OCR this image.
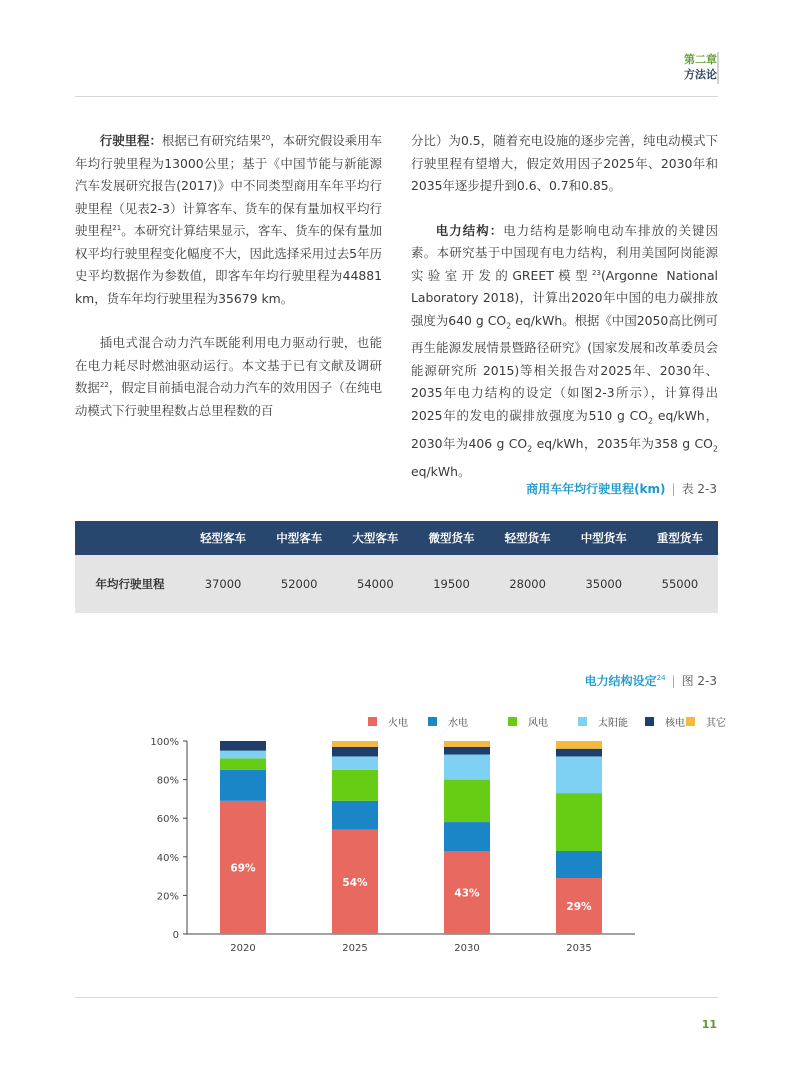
第二章
方法论

行驶里程：根据已有研究结果$^{20}$，本研究假设乘用车年均行驶里程为13000公里；基于《中国节能与新能源汽车发展研究报告(2017)》中不同类型商用车年平均行驶里程（见表2-3）计算客车、货车的保有量加权平均行驶里程$^{21}$。本研究计算结果显示，客车、货车的保有量加权平均行驶里程变化幅度不大，因此选择采用过去5年历史平均数据作为参数值，即客车年均行驶里程为44881 km，货车年均行驶里程为35679 km。

插电式混合动力汽车既能利用电力驱动行驶，也能在电力耗尽时燃油驱动运行。本文基于已有文献及调研数据$^{22}$，假定目前插电混合动力汽车的效用因子（在纯电动模式下行驶里程数占总里程数的百

分比）为0.5，随着充电设施的逐步完善，纯电动模式下行驶里程有望增大，假定效用因子2025年、2030年和2035年逐步提升到0.6、0.7和0.85。

电力结构：电力结构是影响电动车排放的关键因素。本研究基于中国现有电力结构，利用美国阿岗能源实验室开发的GREET模型$^{23}$(Argonne National Laboratory 2018)，计算出2020年中国的电力碳排放强度为640 g $CO_2$ eq/kWh。根据《中国2050高比例可再生能源发展情景暨路径研究》(国家发展和改革委员会能源研究所 2015)等相关报告对2025年、2030年、2035年电力结构的设定（如图2-3所示），计算得出2025年的发电的碳排放强度为510 g $CO_2$ eq/kWh，2030年为406 g $CO_2$ eq/kWh，2035年为358 g $CO_2$ eq/kWh。

商用车年均行驶里程(km) | 表 2-3
	轻型客车	中型客车	大型客车	微型货车	轻型货车	中型货车	重型货车
年均行驶里程	37000	52000	54000	19500	28000	35000	55000
电力结构设定$^{24}$ | 图 2-3
0
20%
40%
60%
80%
100%
69%
2020
54%
2025
43%
2030
29%
2035
火电	水电	风电	太阳能	核电 其它
11
